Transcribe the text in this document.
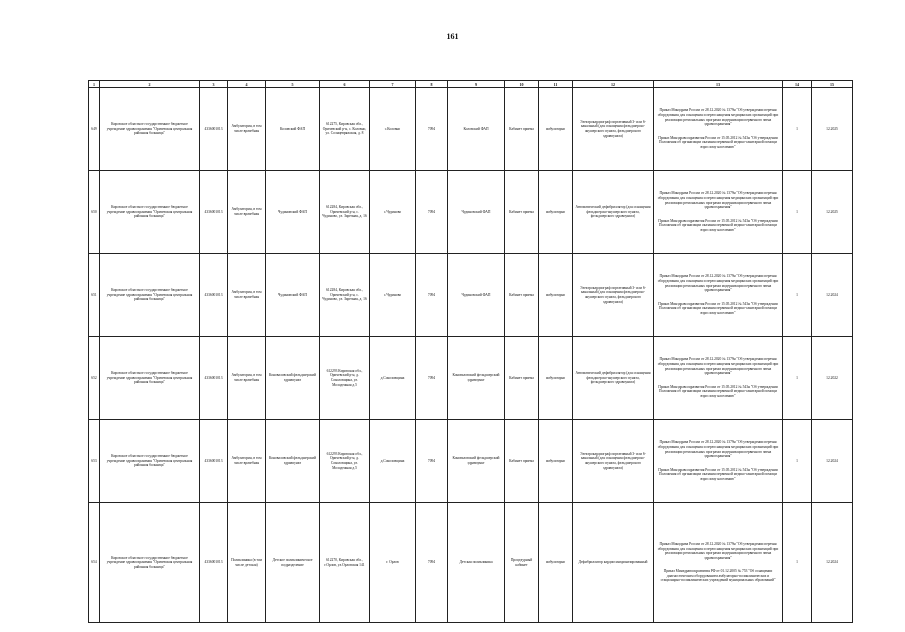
161
1	2	3	4	5	6	7	8	9	10	11	12	13	14	15
649	Кировское областное государственное бюджетное учреждение здравоохранения "Оричевская центральная районная больница"	4336001013	Амбулатория, в том числе врачебная	Коловский ФАП	612275, Кировская обл., Оричевский р-н, с. Коловно, ул. Солнцевряжская, д. 8	с.Коловно	7094	Коловский ФАП	Кабинет приема	амбулаторно	Электрокардиограф портативный 3- или 6-канальный (для оснащения фельдшерско-акушерского пункта, фельдшерского здравпункта)	Приказ Минздрава России от 28.12.2020 № 1379н "Об утверждении перечня оборудования для оснащения и переоснащения медицинских организаций при реализации региональных программ модернизации первичного звена здравоохранения"
Приказ Минздравсоцразвития России от 15.05.2012 № 543н "Об утверждении Положения об организации оказания первичной медико-санитарной помощи взрослому населению"	1	12.2025
650	Кировское областное государственное бюджетное учреждение здравоохранения "Оричевская центральная районная больница"	4336001013	Амбулатория, в том числе врачебная	Чудиновский ФАП	612284, Кировская обл., Оричевский р-н, с. Чудиново, ул. Заречная, д. 16	с.Чудиново	7094	Чудиновский ФАП	Кабинет приема	амбулаторно	Автоматический дефибриллятор (для оснащения фельдшерско-акушерского пункта, фельдшерского здравпункта)	Приказ Минздрава России от 28.12.2020 № 1379н "Об утверждении перечня оборудования для оснащения и переоснащения медицинских организаций при реализации региональных программ модернизации первичного звена здравоохранения"
Приказ Минздравсоцразвития России от 15.05.2012 № 543н "Об утверждении Положения об организации оказания первичной медико-санитарной помощи взрослому населению"	1	12.2025
651	Кировское областное государственное бюджетное учреждение здравоохранения "Оричевская центральная районная больница"	4336001013	Амбулатория, в том числе врачебная	Чудиновский ФАП	612284, Кировская обл., Оричевский р-н, с. Чудиново, ул. Заречная, д. 16	с.Чудиново	7094	Чудиновский ФАП	Кабинет приема	амбулаторно	Электрокардиограф портативный 3- или 6-канальный (для оснащения фельдшерско-акушерского пункта, фельдшерского здравпункта)	Приказ Минздрава России от 28.12.2020 № 1379н "Об утверждении перечня оборудования для оснащения и переоснащения медицинских организаций при реализации региональных программ модернизации первичного звена здравоохранения"
Приказ Минздравсоцразвития России от 15.05.2012 № 543н "Об утверждении Положения об организации оказания первичной медико-санитарной помощи взрослому населению"	1	12.2024
652	Кировское областное государственное бюджетное учреждение здравоохранения "Оричевская центральная районная больница"	4336001013	Амбулатория, в том числе врачебная	Коноваловский фельдшерский здравпункт	612293 Кировская обл., Оричевский р-н, д. Соколовщина, ул. Молодежная д.5	д.Соколовщина	7094	Коноваловский фельдшерский здравпункт	Кабинет приема	амбулаторно	Автоматический дефибриллятор (для оснащения фельдшерско-акушерского пункта, фельдшерского здравпункта)	Приказ Минздрава России от 28.12.2020 № 1379н "Об утверждении перечня оборудования для оснащения и переоснащения медицинских организаций при реализации региональных программ модернизации первичного звена здравоохранения"
Приказ Минздравсоцразвития России от 15.05.2012 № 543н "Об утверждении Положения об организации оказания первичной медико-санитарной помощи взрослому населению"	1	12.2022
653	Кировское областное государственное бюджетное учреждение здравоохранения "Оричевская центральная районная больница"	4336001013	Амбулатория, в том числе врачебная	Коноваловский фельдшерский здравпункт	612293 Кировская обл., Оричевский р-н, д. Соколовщина, ул. Молодежная д.5	д.Соколовщина	7094	Коноваловский фельдшерский здравпункт	Кабинет приема	амбулаторно	Электрокардиограф портативный 3- или 6-канальный (для оснащения фельдшерско-акушерского пункта, фельдшерского здравпункта)	Приказ Минздрава России от 28.12.2020 № 1379н "Об утверждении перечня оборудования для оснащения и переоснащения медицинских организаций при реализации региональных программ модернизации первичного звена здравоохранения"
Приказ Минздравсоцразвития России от 15.05.2012 № 543н "Об утверждении Положения об организации оказания первичной медико-санитарной помощи взрослому населению"	1	12.2024
654	Кировское областное государственное бюджетное учреждение здравоохранения "Оричевская центральная районная больница"	4336001013	Поликлиника (в том числе детская)	Детское поликлиническое подразделение	612270, Кировская обл., г.Орлов, ул.Орловская 141	г. Орлов	7094	Детская поликлиника	Процедурный кабинет	амбулаторно	Дефибриллятор кардиосинхронизированный	Приказ Минздрава России от 28.12.2020 № 1379н "Об утверждении перечня оборудования для оснащения и переоснащения медицинских организаций при реализации региональных программ модернизации первичного звена здравоохранения"
Приказ Минздравсоцразвития РФ от 01.12.2005 № 753 "Об оснащении диагностическим оборудованием амбулаторно-поликлинических и стационарно-поликлинических учреждений муниципальных образований"	1	12.2024
